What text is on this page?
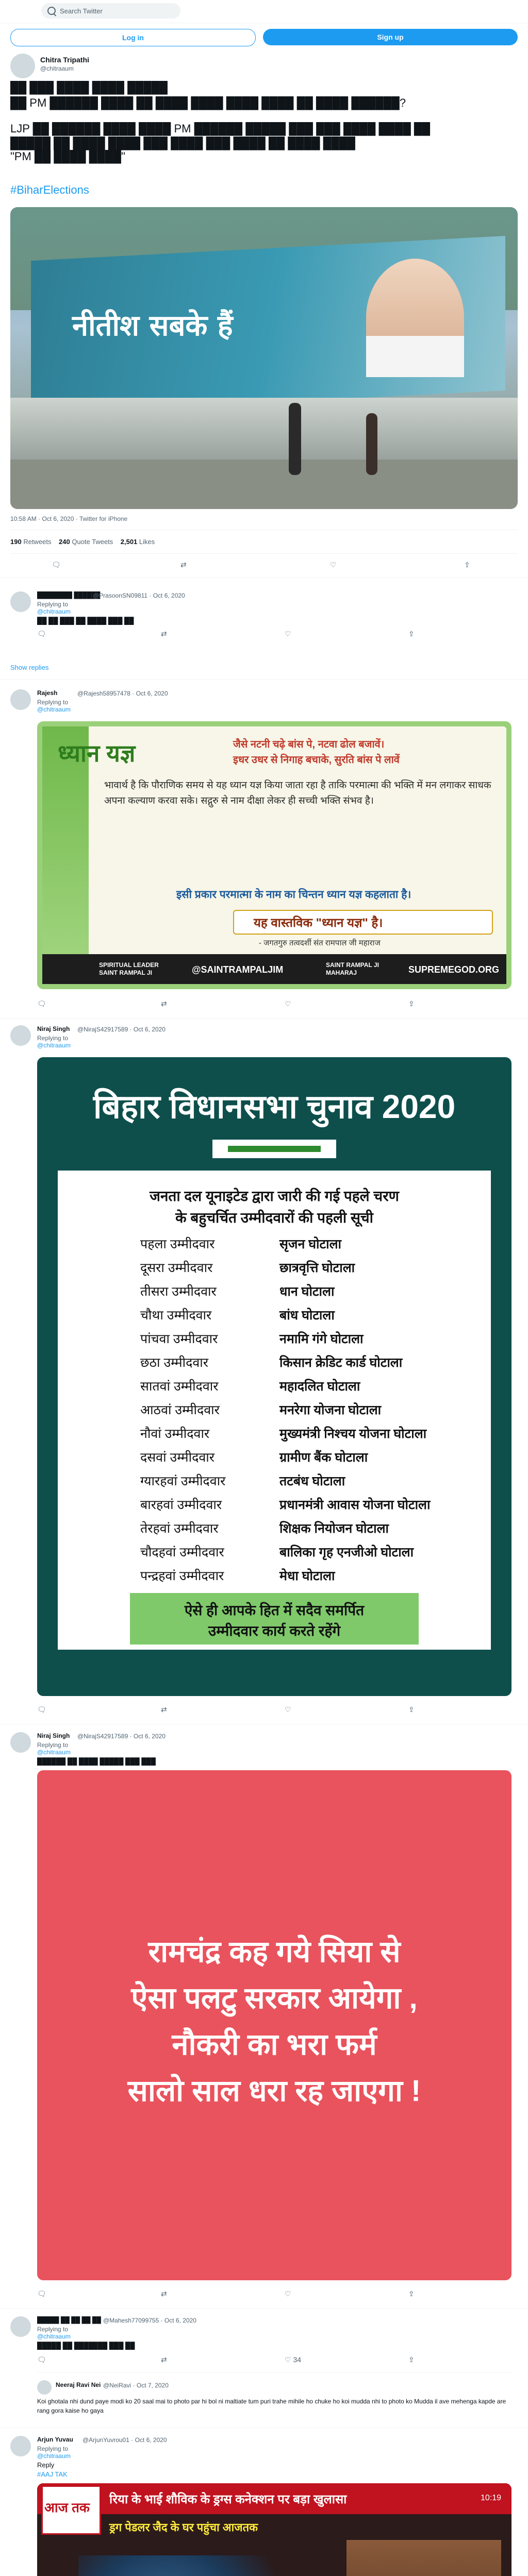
Search Twitter
Log in	Sign up
Chitra Tripathi
@chitraaum
██ ███ ████ ████ █████
██ PM ██████ ████ ██ ████ ████ ████ ████ ██ ████ ██████?
LJP ██ ██████ ████ ████ PM ██████ █████ ███ ███ ████ ████ ██
█████ ██ ████ ████ ███ ████ ███ ████ ██ ████ ████
"PM ██ ████ ████"
#BiharElections
नीतीश सबके हैं
10:58 AM · Oct 6, 2020 · Twitter for iPhone
190 Retweets 240 Quote Tweets 2,501 Likes
🗨	⇄	♡	⇪
████████ ██████
@PrasoonSN09811 · Oct 6, 2020
Replying to
@chitraaum
██ ██ ███ ██ ████ ███ ██
🗨	⇄	♡	⇪
Show replies
Rajesh	@Rajesh58957478 · Oct 6, 2020
Replying to
@chitraaum
ध्यान यज्ञ	जैसे नटनी चढ़े बांस पे, नटवा ढोल बजावें।
इधर उधर से निगाह बचाके, सुरति बांस पे लावें
भावार्थ है कि पौराणिक समय से यह ध्यान यज्ञ किया जाता रहा है ताकि परमात्मा की भक्ति में मन लगाकर साधक अपना कल्याण करवा सके। सद्गुरु से नाम दीक्षा लेकर ही सच्ची भक्ति संभव है।
इसी प्रकार परमात्मा के नाम का चिन्तन ध्यान यज्ञ कहलाता है।
यह वास्तविक "ध्यान यज्ञ" है।
- जगतगुरु तत्वदर्शी संत रामपाल जी महाराज
SPIRITUAL LEADER SAINT RAMPAL JI	@SAINTRAMPALJIM	SAINT RAMPAL JI MAHARAJ	SUPREMEGOD.ORG
🗨	⇄	♡	⇪
Niraj Singh @NirajS42917589 · Oct 6, 2020
Replying to
@chitraaum
बिहार विधानसभा चुनाव 2020
जनता दल यूनाइटेड द्वारा जारी की गई पहले चरण
के बहुचर्चित उम्मीदवारों की पहली सूची
पहला उम्मीदवार	सृजन घोटाला
दूसरा उम्मीदवार	छात्रवृत्ति घोटाला
तीसरा उम्मीदवार	धान घोटाला
चौथा उम्मीदवार	बांध घोटाला
पांचवा उम्मीदवार	नमामि गंगे घोटाला
छठा उम्मीदवार	किसान क्रेडिट कार्ड घोटाला
सातवां उम्मीदवार	महादलित घोटाला
आठवां उम्मीदवार	मनरेगा योजना घोटाला
नौवां उम्मीदवार	मुख्यमंत्री निश्चय योजना घोटाला
दसवां उम्मीदवार	ग्रामीण बैंक घोटाला
ग्यारहवां उम्मीदवार	तटबंध घोटाला
बारहवां उम्मीदवार	प्रधानमंत्री आवास योजना घोटाला
तेरहवां उम्मीदवार	शिक्षक नियोजन घोटाला
चौदहवां उम्मीदवार	बालिका गृह एनजीओ घोटाला
पन्द्रहवां उम्मीदवार	मेधा घोटाला
ऐसे ही आपके हित में सदैव समर्पित
उम्मीदवार कार्य करते रहेंगे
🗨	⇄	♡	⇪
Niraj Singh @NirajS42917589 · Oct 6, 2020
Replying to
@chitraaum
██████ ██ ████ █████ ███ ███
रामचंद्र कह गये सिया से
ऐसा पलटु सरकार आयेगा ,
नौकरी का भरा फर्म
सालो साल धरा रह जाएगा !
🗨	⇄	♡	⇪
█████ ██ ██ ██ ██ @Mahesh77099755 · Oct 6, 2020
Replying to
@chitraaum
█████ ██ ███████ ███ ██
🗨	⇄	♡ 34	⇪
Neeraj Ravi Nei @NeiRavi · Oct 7, 2020
Koi ghotala nhi dund paye modi ko 20 saal mai to photo par hi bol ni maltiate tum puri trahe mihile ho chuke ho koi mudda nhi to photo ko Mudda il ave mehenga kapde are rang gora kaise ho gaya
Arjun Yuvau @ArjunYuvrou01 · Oct 6, 2020
Replying to
@chitraaum
Reply
#AAJ TAK
आज तक
रिया के भाई शौविक के ड्रग्स कनेक्शन पर बड़ा खुलासा	10:19
ड्रग पेडलर जैद के घर पहुंचा आजतक
